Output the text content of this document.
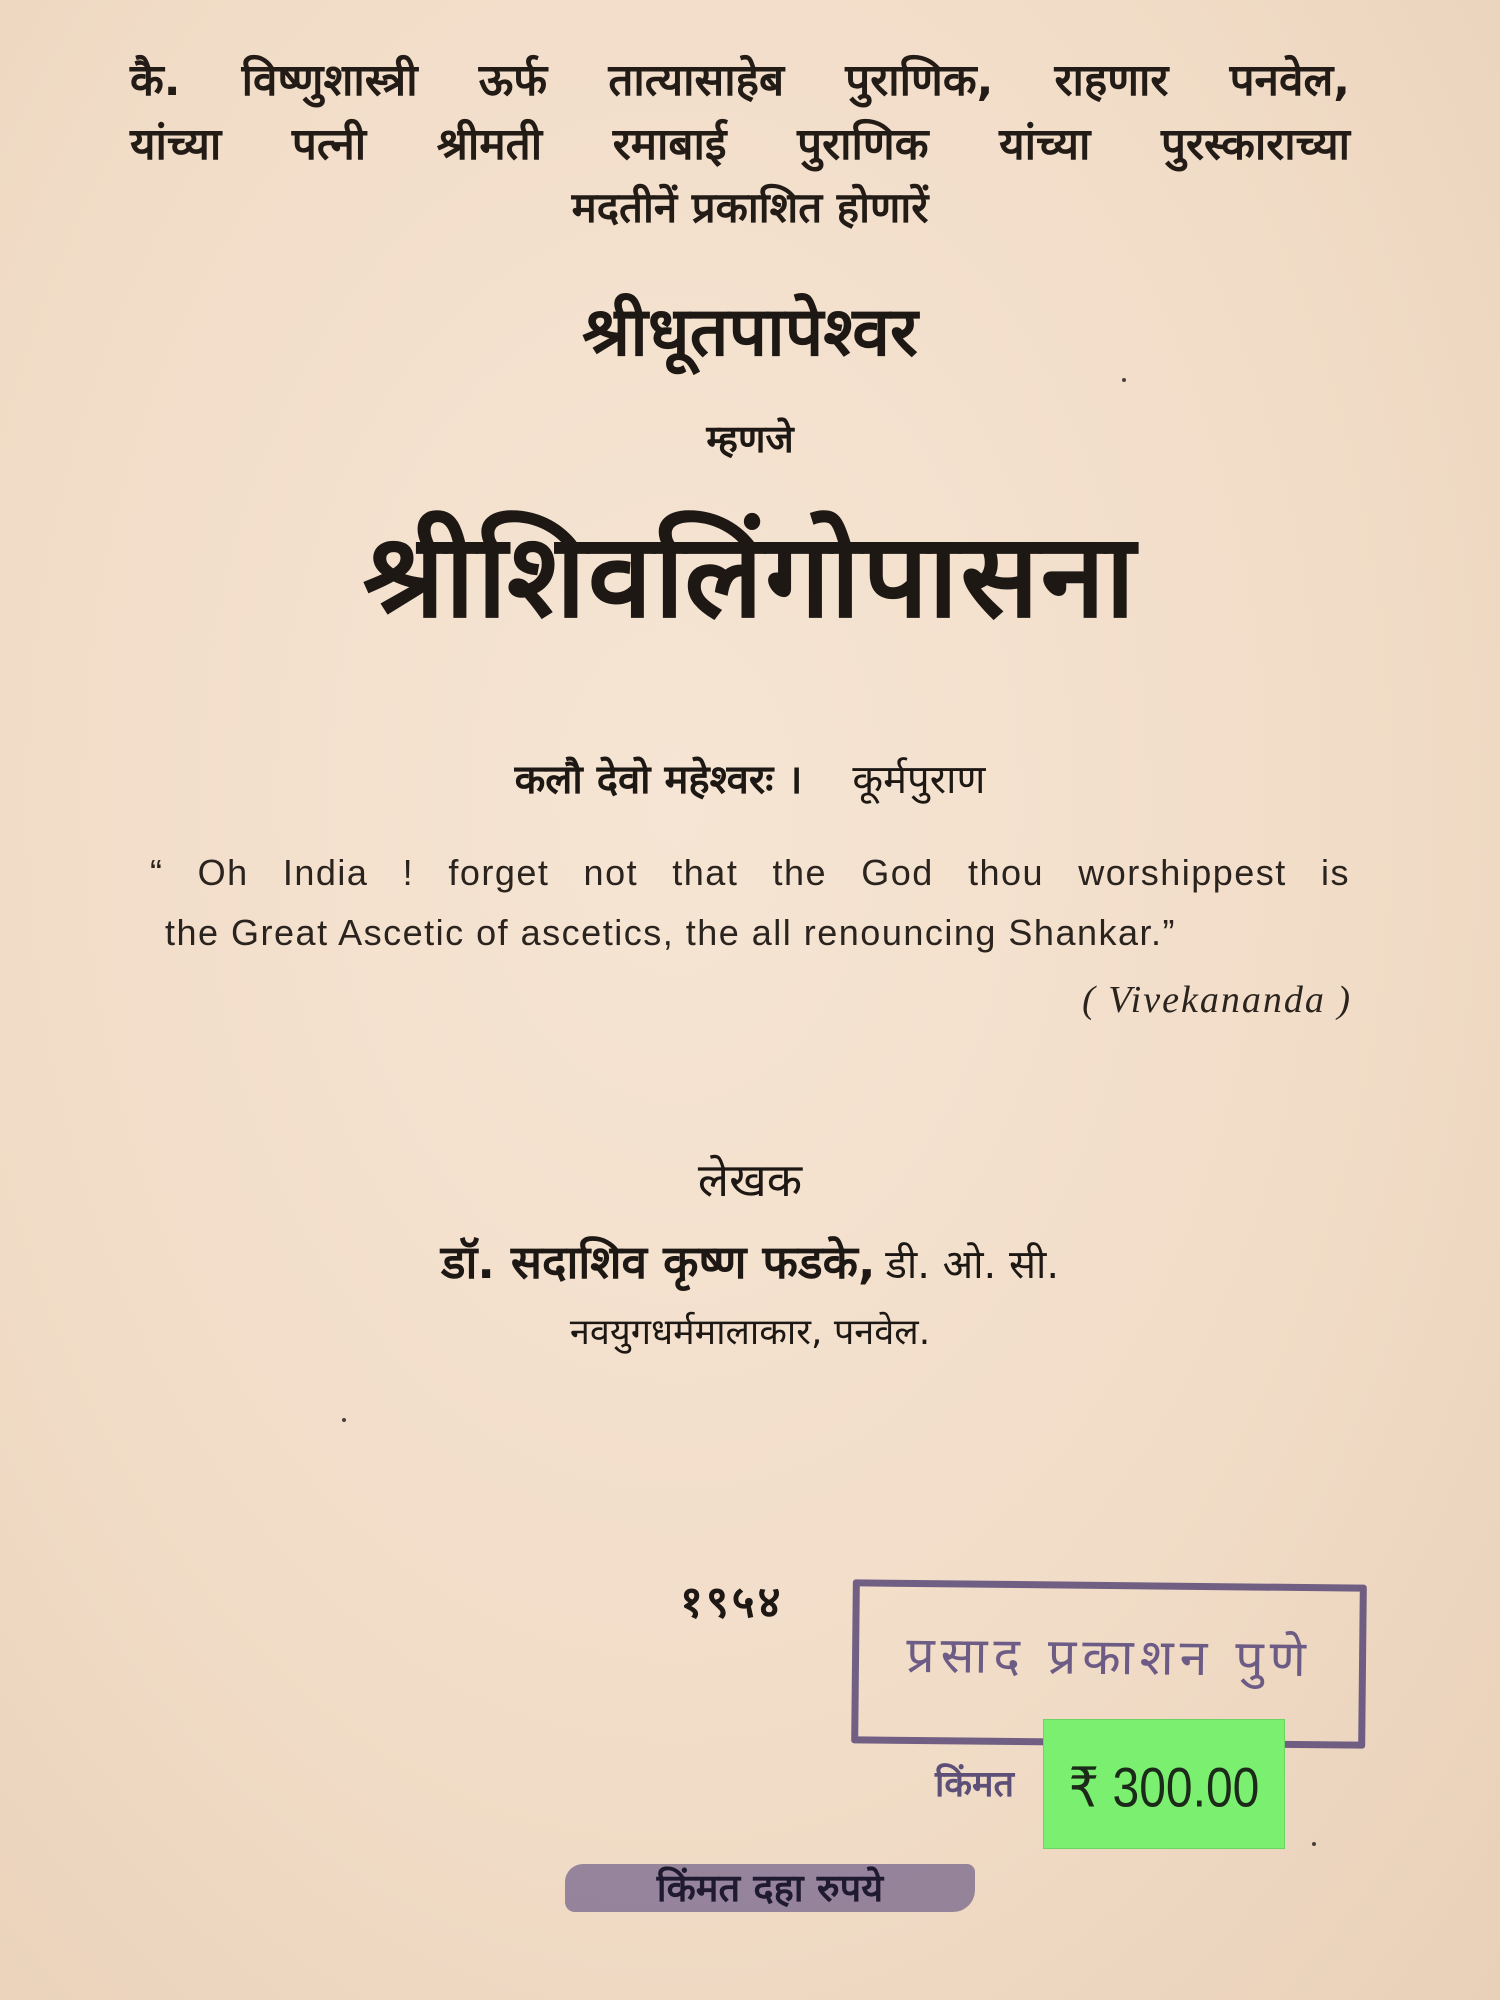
कै. विष्णुशास्त्री ऊर्फ तात्यासाहेब पुराणिक, राहणार पनवेल,
यांच्या पत्नी श्रीमती रमाबाई पुराणिक यांच्या पुरस्काराच्या
मदतीनें प्रकाशित होणारें
श्रीधूतपापेश्वर
म्हणजे
श्रीशिवलिंगोपासना
कलौ देवो महेश्वरः । कूर्मपुराण
“ Oh India ! forget not that the God thou worshippest is
the Great Ascetic of ascetics, the all renouncing Shankar.”
( Vivekananda )
लेखक
डॉ. सदाशिव कृष्ण फडके, डी. ओ. सी.
नवयुगधर्ममालाकार, पनवेल.
१९५४
प्रसाद प्रकाशन पुणे
किंमत	₹ 300.00
किंमत दहा रुपये
